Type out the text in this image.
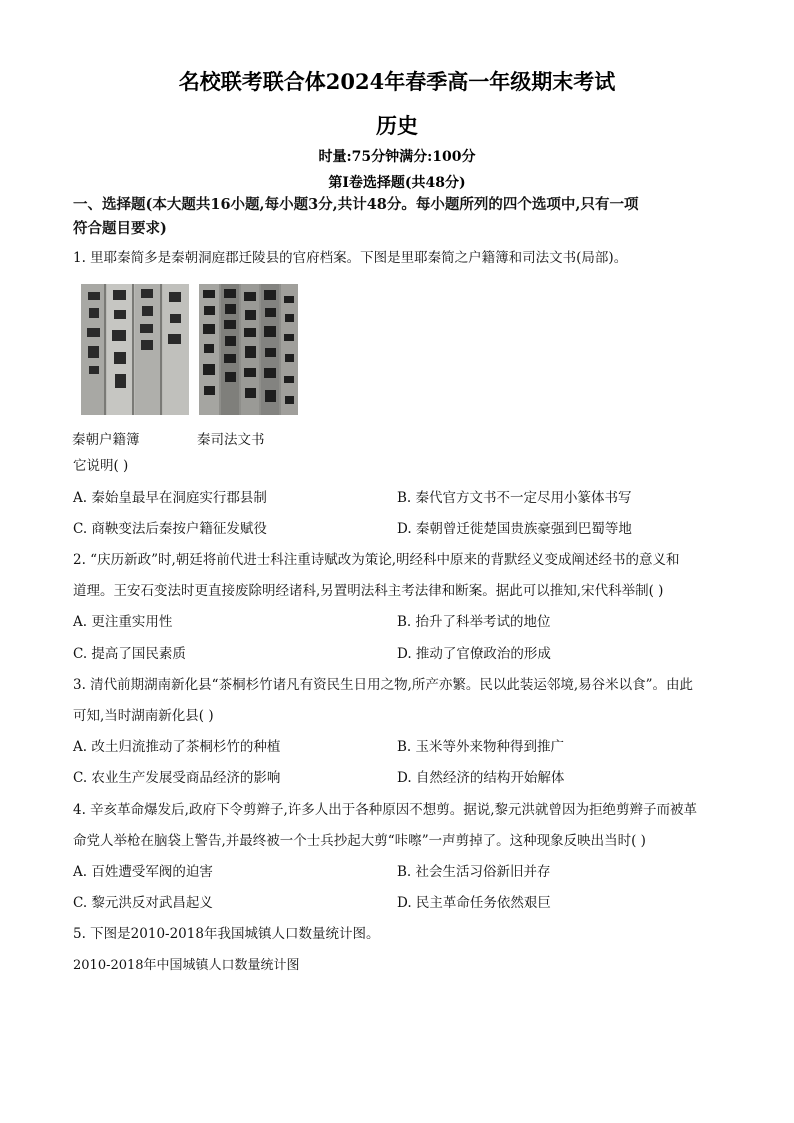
名校联考联合体2024年春季高一年级期末考试
历史
时量:75分钟满分:100分
第I卷选择题(共48分)
一、选择题(本大题共16小题,每小题3分,共计48分。每小题所列的四个选项中,只有一项
符合题目要求)
1. 里耶秦简多是秦朝洞庭郡迁陵县的官府档案。下图是里耶秦简之户籍簿和司法文书(局部)。
秦朝户籍簿	秦司法文书
它说明( )
A. 秦始皇最早在洞庭实行郡县制	B. 秦代官方文书不一定尽用小篆体书写
C. 商鞅变法后秦按户籍征发赋役	D. 秦朝曾迁徙楚国贵族豪强到巴蜀等地
2. “庆历新政”时,朝廷将前代进士科注重诗赋改为策论,明经科中原来的背默经义变成阐述经书的意义和
道理。王安石变法时更直接废除明经诸科,另置明法科主考法律和断案。据此可以推知,宋代科举制( )
A. 更注重实用性	B. 抬升了科举考试的地位
C. 提高了国民素质	D. 推动了官僚政治的形成
3. 清代前期湖南新化县“茶桐杉竹诸凡有资民生日用之物,所产亦繁。民以此装运邻境,易谷米以食”。由此
可知,当时湖南新化县( )
A. 改土归流推动了茶桐杉竹的种植	B. 玉米等外来物种得到推广
C. 农业生产发展受商品经济的影响	D. 自然经济的结构开始解体
4. 辛亥革命爆发后,政府下令剪辫子,许多人出于各种原因不想剪。据说,黎元洪就曾因为拒绝剪辫子而被革
命党人举枪在脑袋上警告,并最终被一个士兵抄起大剪“咔嚓”一声剪掉了。这种现象反映出当时( )
A. 百姓遭受军阀的迫害	B. 社会生活习俗新旧并存
C. 黎元洪反对武昌起义	D. 民主革命任务依然艰巨
5. 下图是2010-2018年我国城镇人口数量统计图。
2010-2018年中国城镇人口数量统计图
